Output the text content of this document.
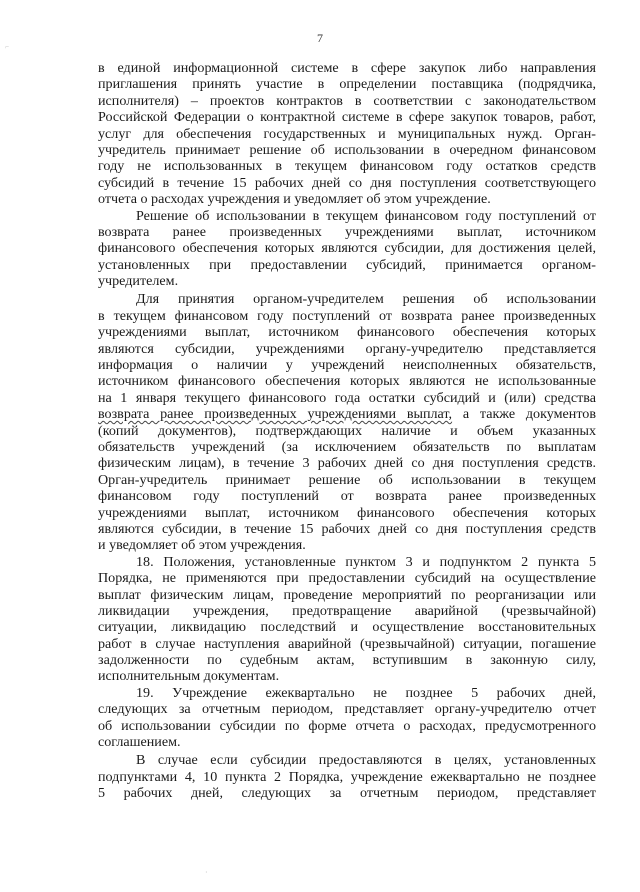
7
⌐
·
в единой информационной системе в сфере закупок либо направления
приглашения принять участие в определении поставщика (подрядчика,
исполнителя) – проектов контрактов в соответствии с законодательством
Российской Федерации о контрактной системе в сфере закупок товаров, работ,
услуг для обеспечения государственных и муниципальных нужд. Орган-
учредитель принимает решение об использовании в очередном финансовом
году не использованных в текущем финансовом году остатков средств
субсидий в течение 15 рабочих дней со дня поступления соответствующего
отчета о расходах учреждения и уведомляет об этом учреждение.
Решение об использовании в текущем финансовом году поступлений от
возврата ранее произведенных учреждениями выплат, источником
финансового обеспечения которых являются субсидии, для достижения целей,
установленных при предоставлении субсидий, принимается органом-
учредителем.
Для принятия органом-учредителем решения об использовании
в текущем финансовом году поступлений от возврата ранее произведенных
учреждениями выплат, источником финансового обеспечения которых
являются субсидии, учреждениями органу-учредителю представляется
информация о наличии у учреждений неисполненных обязательств,
источником финансового обеспечения которых являются не использованные
на 1 января текущего финансового года остатки субсидий и (или) средства
возврата ранее произведенных учреждениями выплат, а также документов
(копий документов), подтверждающих наличие и объем указанных
обязательств учреждений (за исключением обязательств по выплатам
физическим лицам), в течение 3 рабочих дней со дня поступления средств.
Орган-учредитель принимает решение об использовании в текущем
финансовом году поступлений от возврата ранее произведенных
учреждениями выплат, источником финансового обеспечения которых
являются субсидии, в течение 15 рабочих дней со дня поступления средств
и уведомляет об этом учреждения.
18. Положения, установленные пунктом 3 и подпунктом 2 пункта 5
Порядка, не применяются при предоставлении субсидий на осуществление
выплат физическим лицам, проведение мероприятий по реорганизации или
ликвидации учреждения, предотвращение аварийной (чрезвычайной)
ситуации, ликвидацию последствий и осуществление восстановительных
работ в случае наступления аварийной (чрезвычайной) ситуации, погашение
задолженности по судебным актам, вступившим в законную силу,
исполнительным документам.
19. Учреждение ежеквартально не позднее 5 рабочих дней,
следующих за отчетным периодом, представляет органу-учредителю отчет
об использовании субсидии по форме отчета о расходах, предусмотренного
соглашением.
В случае если субсидии предоставляются в целях, установленных
подпунктами 4, 10 пункта 2 Порядка, учреждение ежеквартально не позднее
5 рабочих дней, следующих за отчетным периодом, представляет
